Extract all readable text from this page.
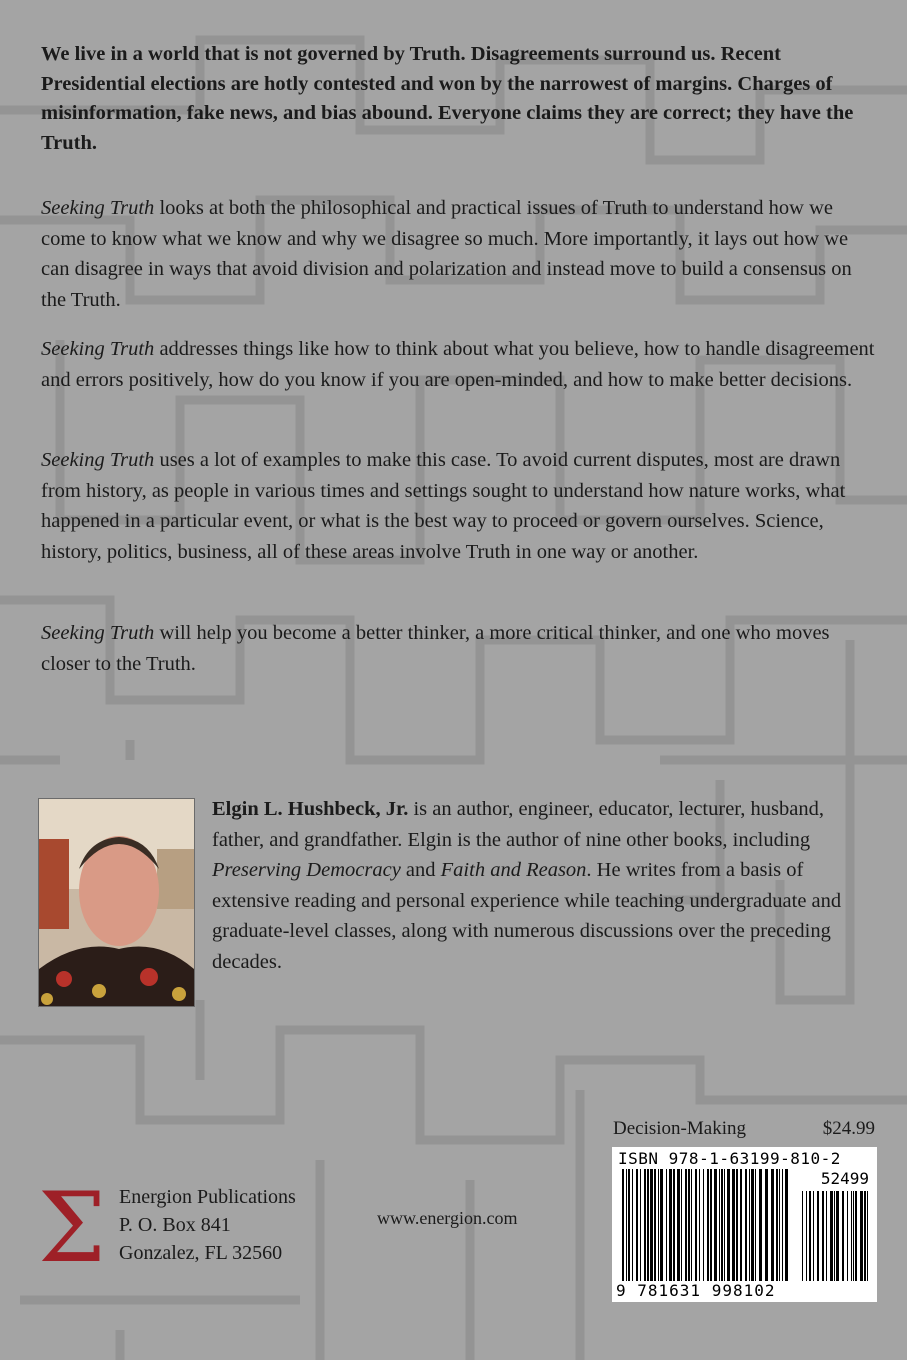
We live in a world that is not governed by Truth. Disagreements surround us. Recent Presidential elections are hotly contested and won by the narrowest of margins. Charges of misinformation, fake news, and bias abound. Everyone claims they are correct; they have the Truth.

Seeking Truth looks at both the philosophical and practical issues of Truth to understand how we come to know what we know and why we disagree so much. More importantly, it lays out how we can disagree in ways that avoid division and polarization and instead move to build a consensus on the Truth.

Seeking Truth addresses things like how to think about what you believe, how to handle disagreement and errors positively, how do you know if you are open-minded, and how to make better decisions.

Seeking Truth uses a lot of examples to make this case. To avoid current disputes, most are drawn from history, as people in various times and settings sought to understand how nature works, what happened in a particular event, or what is the best way to proceed or govern ourselves. Science, history, politics, business, all of these areas involve Truth in one way or another.

Seeking Truth will help you become a better thinker, a more critical thinker, and one who moves closer to the Truth.

Elgin L. Hushbeck, Jr. is an author, engineer, educator, lecturer, husband, father, and grandfather. Elgin is the author of nine other books, including Preserving Democracy and Faith and Reason. He writes from a basis of extensive reading and personal experience while teaching undergraduate and graduate-level classes, along with numerous discussions over the preceding decades.

Decision-Making	$24.99
ISBN 978-1-63199-810-2
52499
9 781631 998102
Σ Energion Publications
P. O. Box 841
Gonzalez, FL 32560
www.energion.com
